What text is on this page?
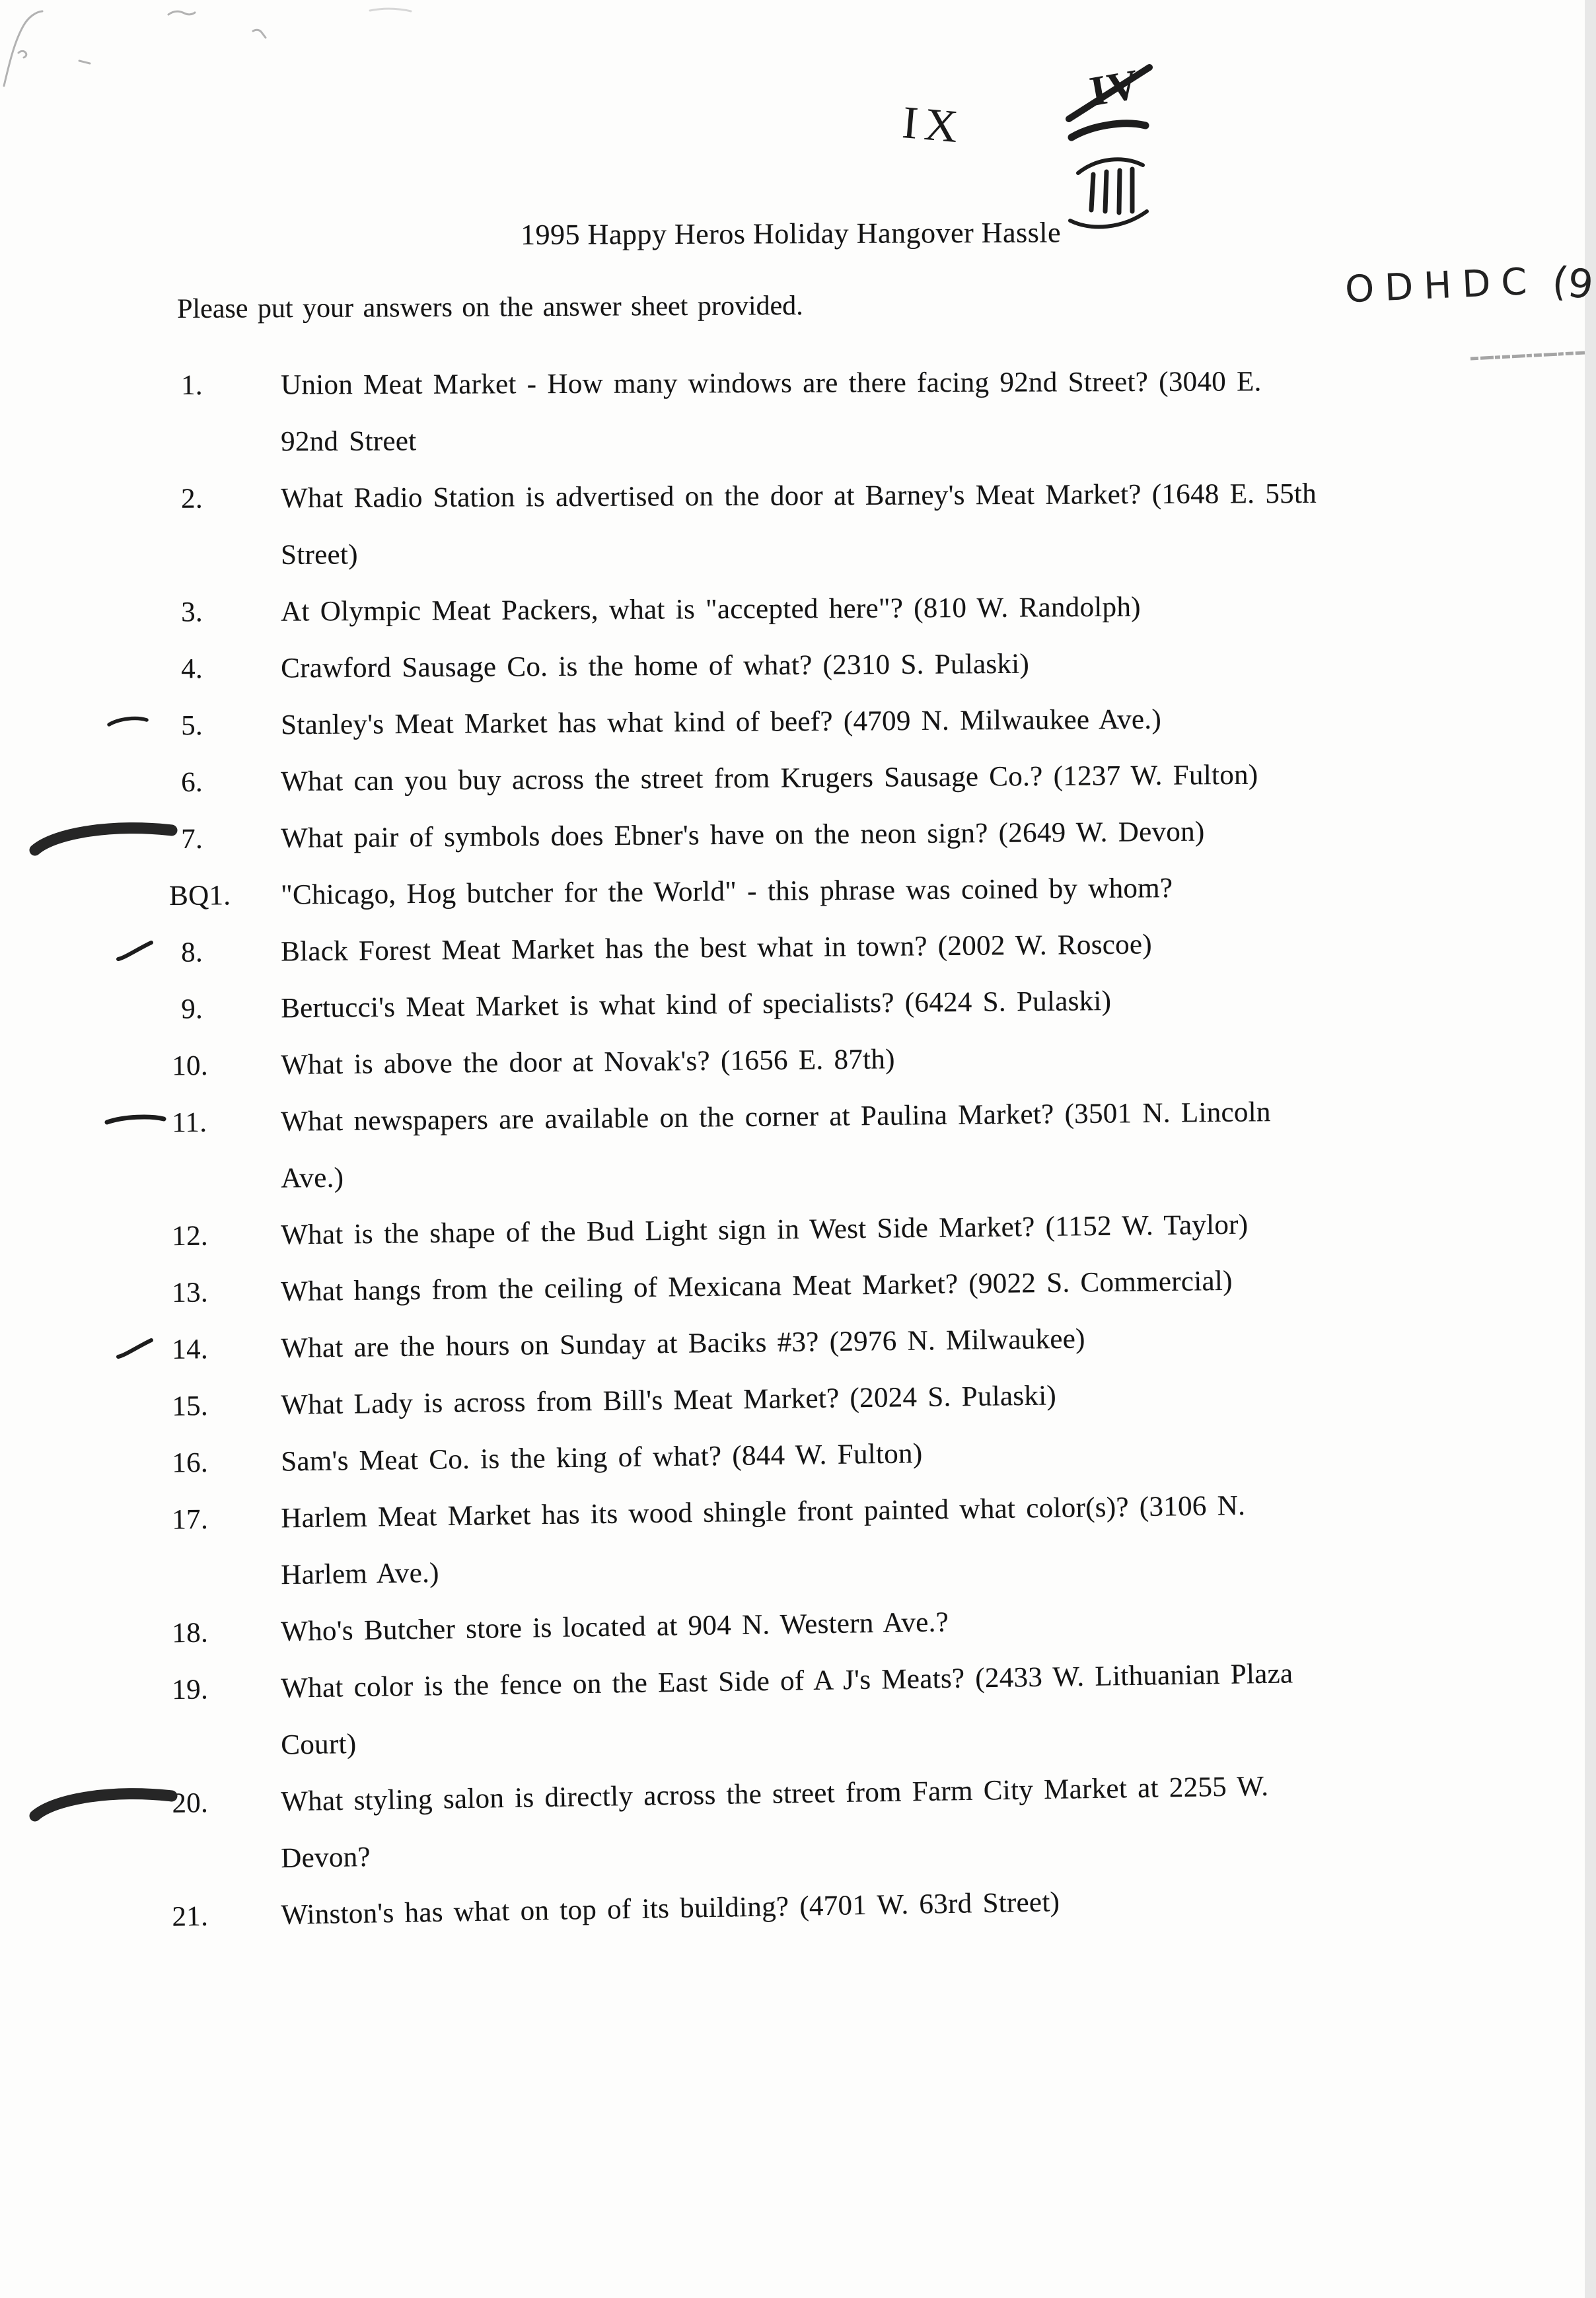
IX
IV
ODHDC (9
1995 Happy Heros Holiday Hangover Hassle
Please put your answers on the answer sheet provided.
1.	Union Meat Market - How many windows are there facing 92nd Street? (3040 E.
92nd Street
2.	What Radio Station is advertised on the door at Barney's Meat Market? (1648 E. 55th
Street)
3.	At Olympic Meat Packers, what is "accepted here"? (810 W. Randolph)
4.	Crawford Sausage Co. is the home of what? (2310 S. Pulaski)
5.	Stanley's Meat Market has what kind of beef? (4709 N. Milwaukee Ave.)
6.	What can you buy across the street from Krugers Sausage Co.? (1237 W. Fulton)
7.	What pair of symbols does Ebner's have on the neon sign? (2649 W. Devon)
BQ1. "Chicago, Hog butcher for the World" - this phrase was coined by whom?
8.	Black Forest Meat Market has the best what in town? (2002 W. Roscoe)
9.	Bertucci's Meat Market is what kind of specialists? (6424 S. Pulaski)
10.	What is above the door at Novak's? (1656 E. 87th)
11.	What newspapers are available on the corner at Paulina Market? (3501 N. Lincoln
Ave.)
12.	What is the shape of the Bud Light sign in West Side Market? (1152 W. Taylor)
13.	What hangs from the ceiling of Mexicana Meat Market? (9022 S. Commercial)
14.	What are the hours on Sunday at Baciks #3? (2976 N. Milwaukee)
15.	What Lady is across from Bill's Meat Market? (2024 S. Pulaski)
16.	Sam's Meat Co. is the king of what? (844 W. Fulton)
17.	Harlem Meat Market has its wood shingle front painted what color(s)? (3106 N.
Harlem Ave.)
18.	Who's Butcher store is located at 904 N. Western Ave.?
19.	What color is the fence on the East Side of A J's Meats? (2433 W. Lithuanian Plaza
Court)
20.	What styling salon is directly across the street from Farm City Market at 2255 W.
Devon?
21.	Winston's has what on top of its building? (4701 W. 63rd Street)
